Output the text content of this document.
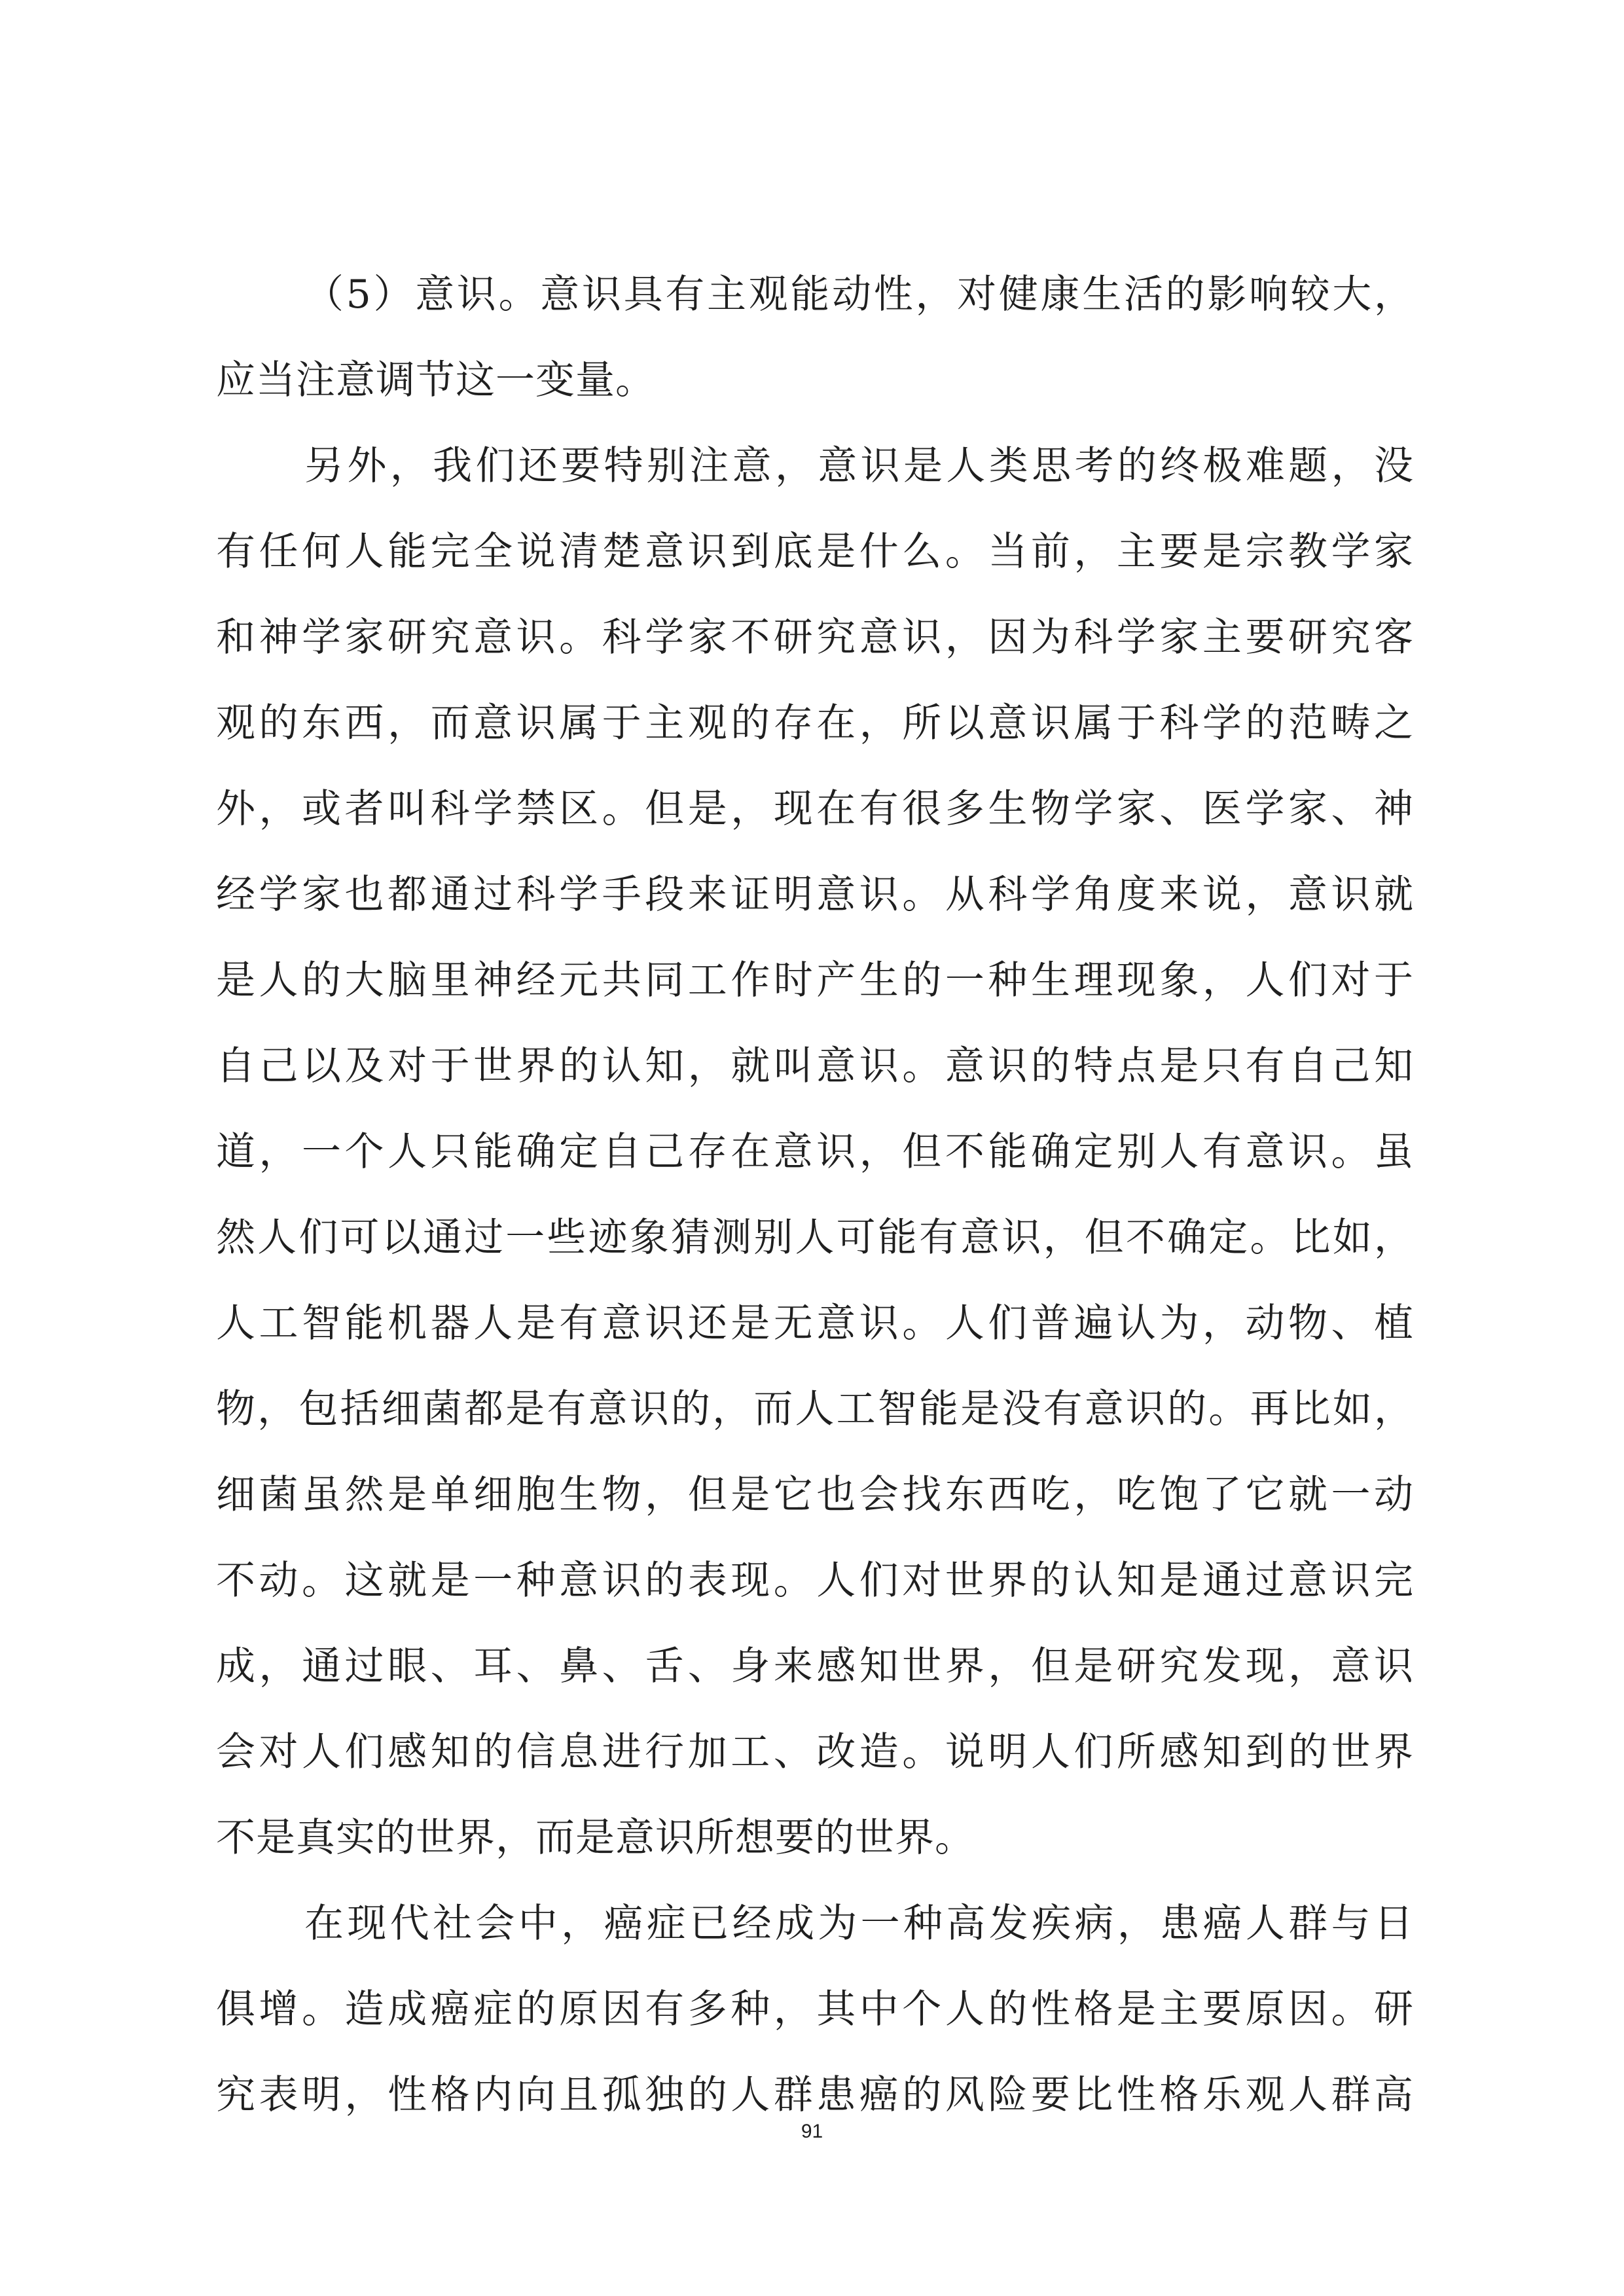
（5）意识。意识具有主观能动性，对健康生活的影响较大，
应当注意调节这一变量。
另外，我们还要特别注意，意识是人类思考的终极难题，没
有任何人能完全说清楚意识到底是什么。当前，主要是宗教学家
和神学家研究意识。科学家不研究意识，因为科学家主要研究客
观的东西，而意识属于主观的存在，所以意识属于科学的范畴之
外，或者叫科学禁区。但是，现在有很多生物学家、医学家、神
经学家也都通过科学手段来证明意识。从科学角度来说，意识就
是人的大脑里神经元共同工作时产生的一种生理现象，人们对于
自己以及对于世界的认知，就叫意识。意识的特点是只有自己知
道，一个人只能确定自己存在意识，但不能确定别人有意识。虽
然人们可以通过一些迹象猜测别人可能有意识，但不确定。比如，
人工智能机器人是有意识还是无意识。人们普遍认为，动物、植
物，包括细菌都是有意识的，而人工智能是没有意识的。再比如，
细菌虽然是单细胞生物，但是它也会找东西吃，吃饱了它就一动
不动。这就是一种意识的表现。人们对世界的认知是通过意识完
成，通过眼、耳、鼻、舌、身来感知世界，但是研究发现，意识
会对人们感知的信息进行加工、改造。说明人们所感知到的世界
不是真实的世界，而是意识所想要的世界。
在现代社会中，癌症已经成为一种高发疾病，患癌人群与日
俱增。造成癌症的原因有多种，其中个人的性格是主要原因。研
究表明，性格内向且孤独的人群患癌的风险要比性格乐观人群高
91
